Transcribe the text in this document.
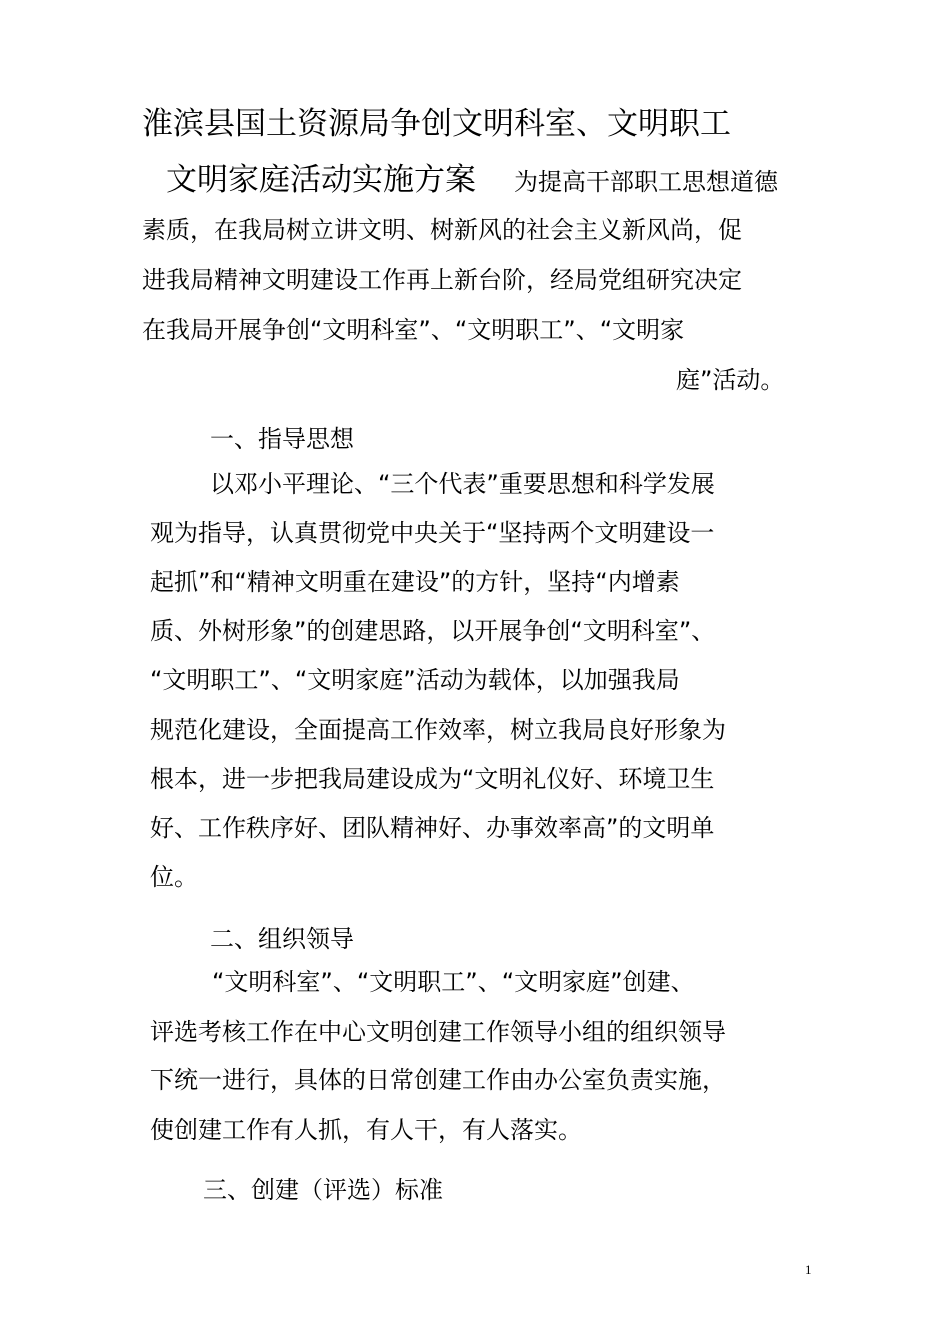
淮滨县国土资源局争创文明科室、文明职工
文明家庭活动实施方案 为提高干部职工思想道德
素质，在我局树立讲文明、树新风的社会主义新风尚，促
进我局精神文明建设工作再上新台阶，经局党组研究决定
在我局开展争创“文明科室”、“文明职工”、“文明家
庭”活动。
一、指导思想
以邓小平理论、“三个代表”重要思想和科学发展
观为指导，认真贯彻党中央关于“坚持两个文明建设一
起抓”和“精神文明重在建设”的方针，坚持“内增素
质、外树形象”的创建思路，以开展争创“文明科室”、
“文明职工”、“文明家庭”活动为载体，以加强我局
规范化建设，全面提高工作效率，树立我局良好形象为
根本，进一步把我局建设成为“文明礼仪好、环境卫生
好、工作秩序好、团队精神好、办事效率高”的文明单
位。
二、组织领导
“文明科室”、“文明职工”、“文明家庭”创建、
评选考核工作在中心文明创建工作领导小组的组织领导
下统一进行，具体的日常创建工作由办公室负责实施，
使创建工作有人抓，有人干，有人落实。
三、创建（评选）标准
1
